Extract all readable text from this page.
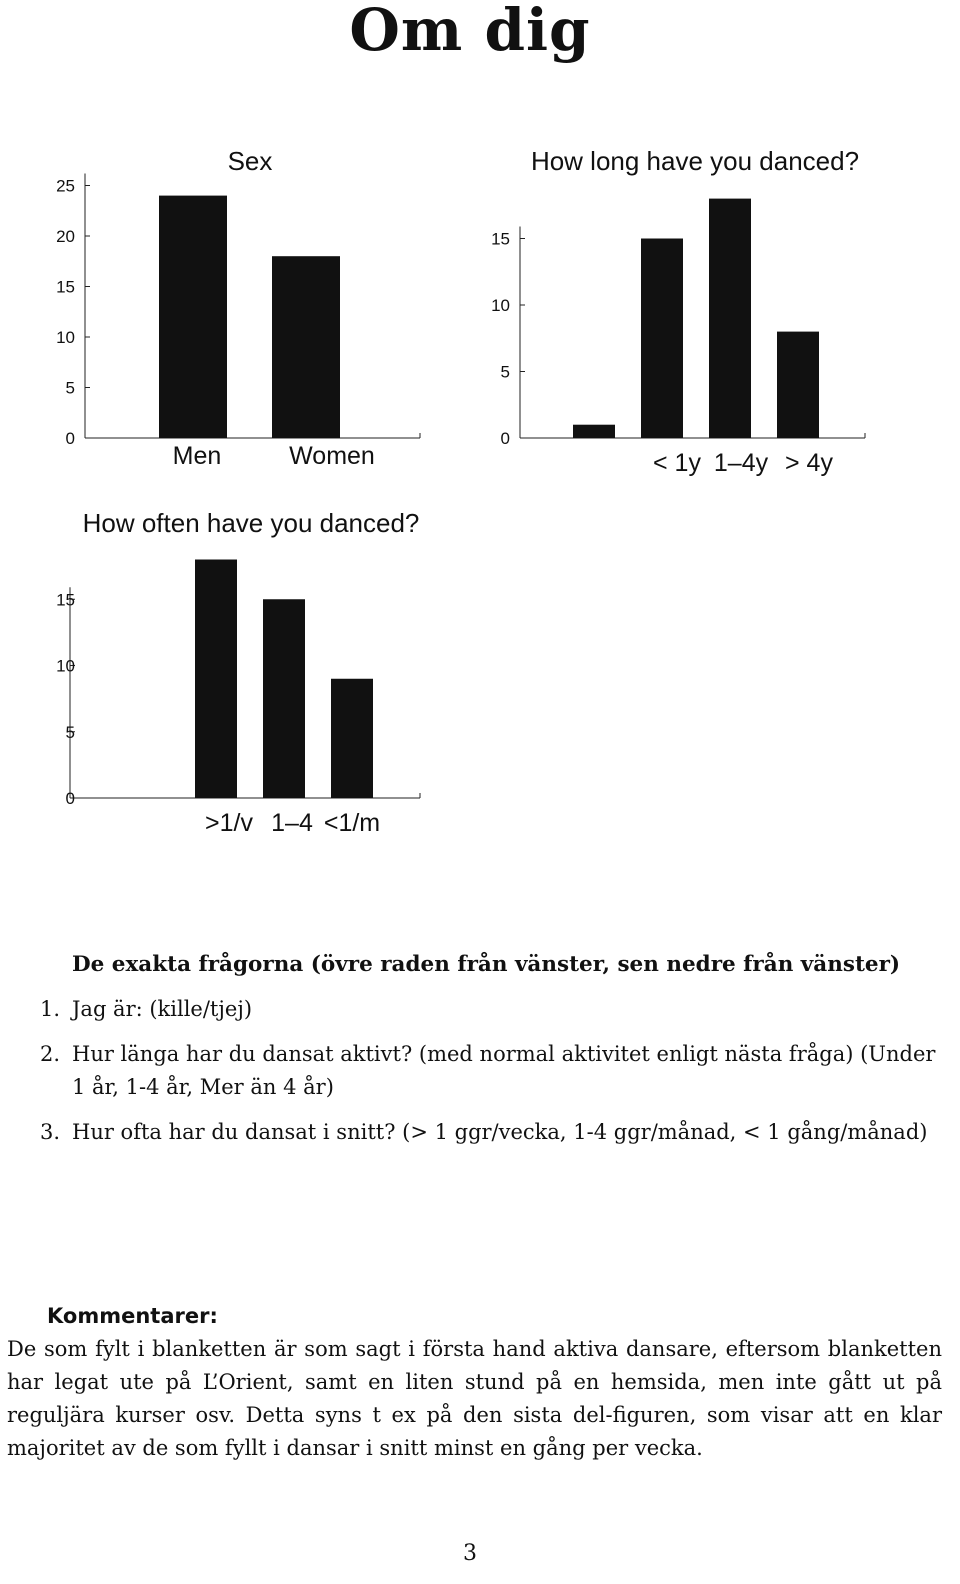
Om dig
Sex
0
5
10
15
20
25
Men	Women
How long have you danced?
0
5
10
15
< 1y 1–4y > 4y
How often have you danced?
0
5
10
15
>1/v 1–4 <1/m
De exakta frågorna (övre raden från vänster, sen nedre från vänster)
1. Jag är: (kille/tjej)
2. Hur länga har du dansat aktivt? (med normal aktivitet enligt nästa fråga) (Under 1 år, 1-4 år, Mer än 4 år)
3. Hur ofta har du dansat i snitt? (> 1 ggr/vecka, 1-4 ggr/månad, < 1 gång/månad)
Kommentarer:
De som fylt i blanketten är som sagt i första hand aktiva dansare, eftersom blanketten har legat ute på L’Orient, samt en liten stund på en hemsida, men inte gått ut på reguljära kurser osv. Detta syns t ex på den sista del-figuren, som visar att en klar majoritet av de som fyllt i dansar i snitt minst en gång per vecka.
3
